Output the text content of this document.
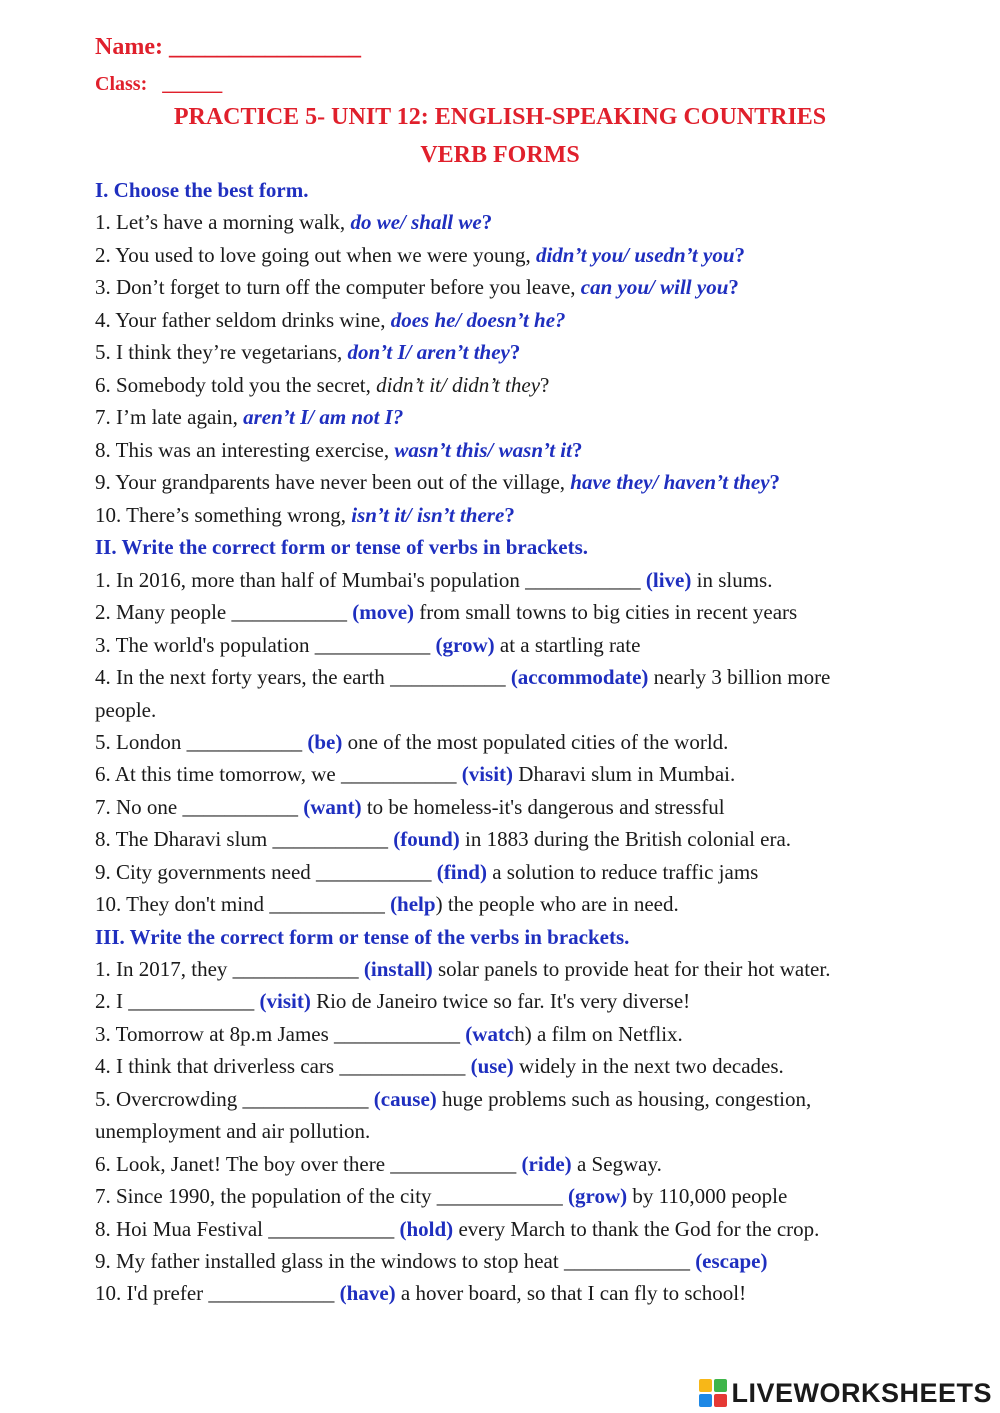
Name: ________________
Class: ______
PRACTICE 5- UNIT 12: ENGLISH-SPEAKING COUNTRIES
VERB FORMS
I. Choose the best form.
1. Let’s have a morning walk, do we/ shall we?
2. You used to love going out when we were young, didn’t you/ usedn’t you?
3. Don’t forget to turn off the computer before you leave, can you/ will you?
4. Your father seldom drinks wine, does he/ doesn’t he?
5. I think they’re vegetarians, don’t I/ aren’t they?
6. Somebody told you the secret, didn’t it/ didn’t they?
7. I’m late again, aren’t I/ am not I?
8. This was an interesting exercise, wasn’t this/ wasn’t it?
9. Your grandparents have never been out of the village, have they/ haven’t they?
10. There’s something wrong, isn’t it/ isn’t there?
II. Write the correct form or tense of verbs in brackets.
1. In 2016, more than half of Mumbai's population ___________ (live) in slums.
2. Many people ___________ (move) from small towns to big cities in recent years
3. The world's population ___________ (grow) at a startling rate
4. In the next forty years, the earth ___________ (accommodate) nearly 3 billion more
people.
5. London ___________ (be) one of the most populated cities of the world.
6. At this time tomorrow, we ___________ (visit) Dharavi slum in Mumbai.
7. No one ___________ (want) to be homeless-it's dangerous and stressful
8. The Dharavi slum ___________ (found) in 1883 during the British colonial era.
9. City governments need ___________ (find) a solution to reduce traffic jams
10. They don't mind ___________ (help) the people who are in need.
III. Write the correct form or tense of the verbs in brackets.
1. In 2017, they ____________ (install) solar panels to provide heat for their hot water.
2. I ____________ (visit) Rio de Janeiro twice so far. It's very diverse!
3. Tomorrow at 8p.m James ____________ (watch) a film on Netflix.
4. I think that driverless cars ____________ (use) widely in the next two decades.
5. Overcrowding ____________ (cause) huge problems such as housing, congestion,
unemployment and air pollution.
6. Look, Janet! The boy over there ____________ (ride) a Segway.
7. Since 1990, the population of the city ____________ (grow) by 110,000 people
8. Hoi Mua Festival ____________ (hold) every March to thank the God for the crop.
9. My father installed glass in the windows to stop heat ____________ (escape)
10. I'd prefer ____________ (have) a hover board, so that I can fly to school!
LIVEWORKSHEETS
